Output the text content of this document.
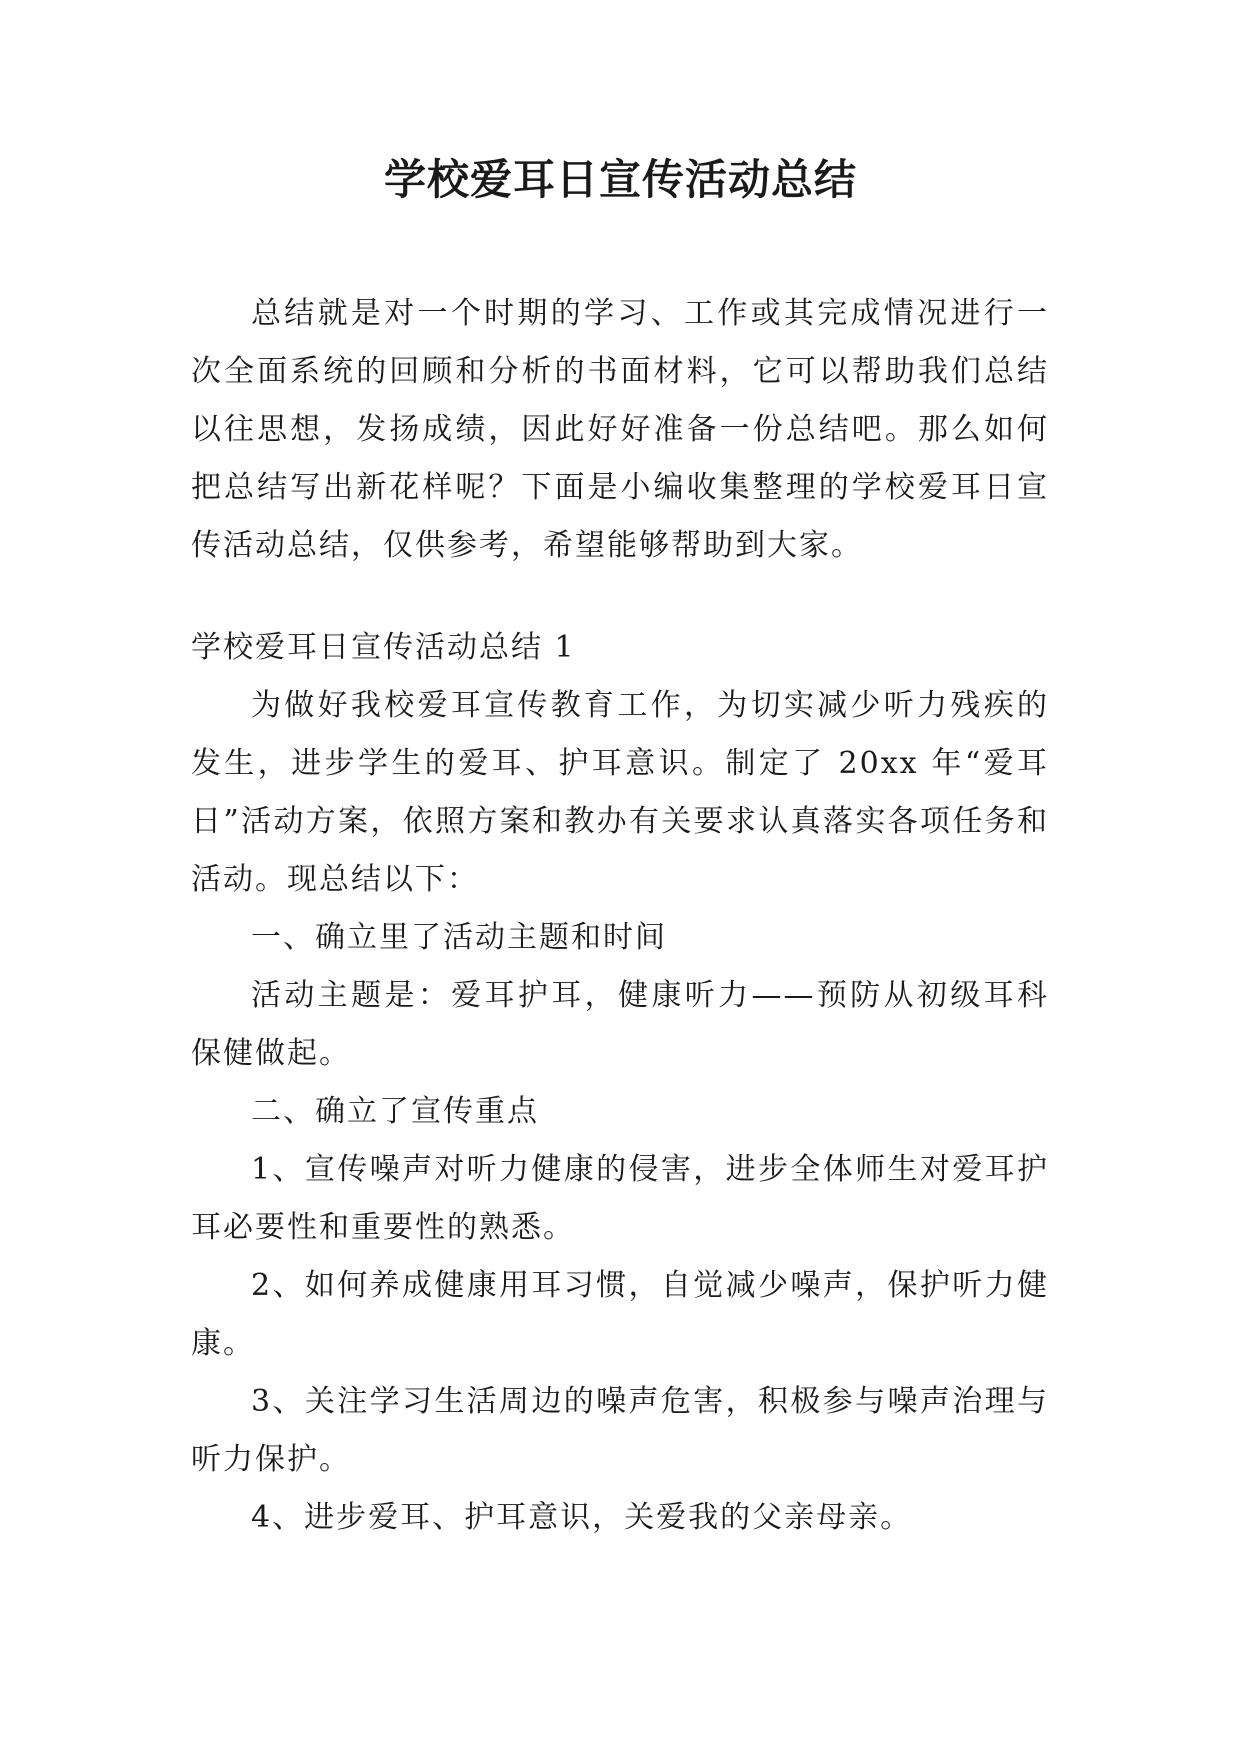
学校爱耳日宣传活动总结

总结就是对一个时期的学习、工作或其完成情况进行一次全面系统的回顾和分析的书面材料，它可以帮助我们总结以往思想，发扬成绩，因此好好准备一份总结吧。那么如何把总结写出新花样呢？下面是小编收集整理的学校爱耳日宣传活动总结，仅供参考，希望能够帮助到大家。

学校爱耳日宣传活动总结 1

为做好我校爱耳宣传教育工作，为切实减少听力残疾的发生，进步学生的爱耳、护耳意识。制定了 20xx 年“爱耳日”活动方案，依照方案和教办有关要求认真落实各项任务和活动。现总结以下：

一、确立里了活动主题和时间

活动主题是：爱耳护耳，健康听力——预防从初级耳科保健做起。

二、确立了宣传重点

1、宣传噪声对听力健康的侵害，进步全体师生对爱耳护耳必要性和重要性的熟悉。

2、如何养成健康用耳习惯，自觉减少噪声，保护听力健康。

3、关注学习生活周边的噪声危害，积极参与噪声治理与听力保护。

4、进步爱耳、护耳意识，关爱我的父亲母亲。
